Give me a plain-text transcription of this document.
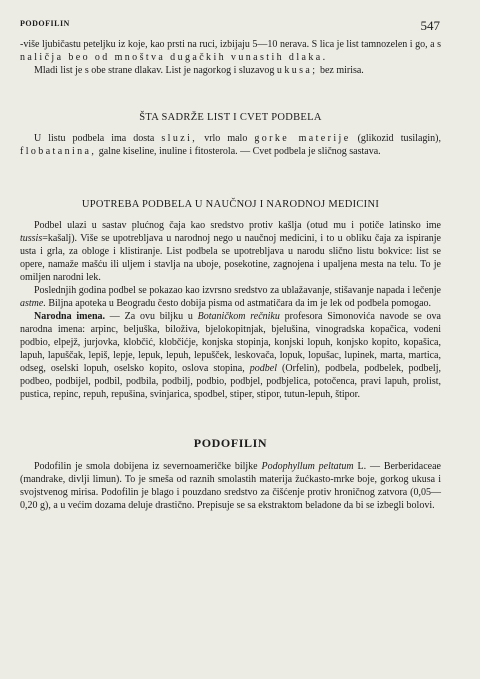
PODOFILIN	547

-više ljubičastu peteljku iz koje, kao prsti na ruci, izbijaju 5—10 nerava. S lica je list tamnozelen i go, a s naličja beo od mnoštva dugačkih vunastih dlaka.

Mladi list je s obe strane dlakav. List je nagorkog i sluzavog ukusa; bez mirisa.

ŠTA SADRŽE LIST I CVET PODBELA

U listu podbela ima dosta sluzi, vrlo malo gorke materije (glikozid tusilagin), flobatanina, galne kiseline, inuline i fitosterola. — Cvet podbela je sličnog sastava.

UPOTREBA PODBELA U NAUČNOJ I NARODNOJ MEDICINI

Podbel ulazi u sastav plućnog čaja kao sredstvo protiv kašlja (otud mu i potiče latinsko ime tussis=kašalj). Više se upotrebljava u narodnoj nego u naučnoj medicini, i to u obliku čaja za ispiranje usta i grla, za obloge i klistiranje. List podbela se upotrebljava u narodu slično listu bokvice: list se opere, namaže mašću ili uljem i stavlja na uboje, posekotine, zagnojena i upaljena mesta na telu. To je omiljen narodni lek.

Poslednjih godina podbel se pokazao kao izvrsno sredstvo za ublažavanje, stišavanje napada i lečenje astme. Biljna apoteka u Beogradu često dobija pisma od astmatičara da im je lek od podbela pomogao.

Narodna imena. — Za ovu biljku u Botaničkom rečniku profesora Simonovića navode se ova narodna imena: arpinc, beljuška, biloživa, bjelokopitnjak, bjelušina, vinogradska kopačica, vodeni podbio, elpejž, jurjovka, klobčić, klobčićje, konjska stopinja, konjski lopuh, konjsko kopito, kopašica, lapuh, lapuščak, lepiš, lepje, lepuk, lepuh, lepušček, leskovača, lopuk, lopušac, lupinek, marta, martica, odseg, oselski lopuh, oselsko kopito, oslova stopina, podbel (Orfelin), podbela, podbelek, podbelj, podbeo, podbijel, podbil, podbila, podbilj, podbio, podbjel, podbjelica, potočenca, pravi lapuh, prolist, pustica, repinc, repuh, repušina, svinjarica, spodbel, stiper, stipor, tutun-lepuh, štipor.

PODOFILIN

Podofilin je smola dobijena iz severnoameričke biljke Podophyllum peltatum L. — Berberidaceae (mandrake, divlji limun). To je smeša od raznih smolastih materija žućkasto-mrke boje, gorkog ukusa i svojstvenog mirisa. Podofilin je blago i pouzdano sredstvo za čišćenje protiv hroničnog zatvora (0,05—0,20 g), a u većim dozama deluje drastično. Prepisuje se sa ekstraktom beladone da bi se izbegli bolovi.
